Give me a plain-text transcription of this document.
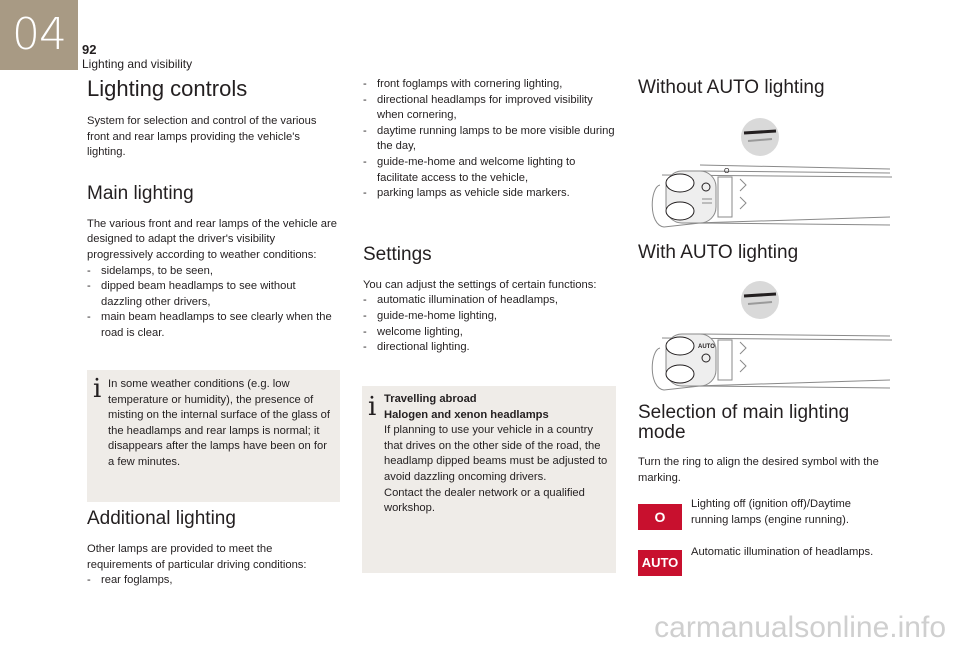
04	92
Lighting and visibility
Lighting controls

System for selection and control of the various front and rear lamps providing the vehicle's lighting.

Main lighting

The various front and rear lamps of the vehicle are designed to adapt the driver's visibility progressively according to weather conditions:

- sidelamps, to be seen,
- dipped beam headlamps to see without dazzling other drivers,
- main beam headlamps to see clearly when the road is clear.
i In some weather conditions (e.g. low temperature or humidity), the presence of misting on the internal surface of the glass of the headlamps and rear lamps is normal; it disappears after the lamps have been on for a few minutes.
Additional lighting

Other lamps are provided to meet the requirements of particular driving conditions:

- rear foglamps,
- front foglamps with cornering lighting,
- directional headlamps for improved visibility when cornering,
- daytime running lamps to be more visible during the day,
- guide-me-home and welcome lighting to facilitate access to the vehicle,
- parking lamps as vehicle side markers.
Settings

You can adjust the settings of certain functions:

- automatic illumination of headlamps,
- guide-me-home lighting,
- welcome lighting,
- directional lighting.
i Travelling abroad
Halogen and xenon headlamps
If planning to use your vehicle in a country that drives on the other side of the road, the headlamp dipped beams must be adjusted to avoid dazzling oncoming drivers.
Contact the dealer network or a qualified workshop.
Without AUTO lighting
O
With AUTO lighting
AUTO
Selection of main lighting
mode

Turn the ring to align the desired symbol with the marking.

O

Lighting off (ignition off)/Daytime running lamps (engine running).

AUTO

Automatic illumination of headlamps.

carmanualsonline.info
